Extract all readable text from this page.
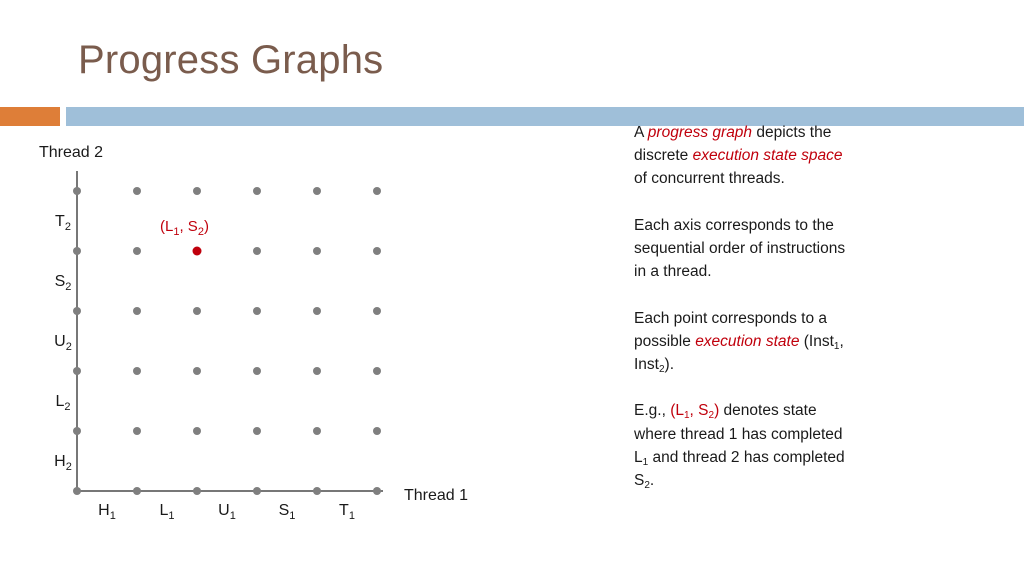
Progress Graphs
Thread 2
Thread 1
$H_1$	$L_1$	$U_1$	$S_1$	$T_1$
$H_2$
$L_2$
$U_2$
$S_2$
$T_2$	($L_1$, $S_2$)

A progress graph depicts the discrete execution state space of concurrent threads.

Each axis corresponds to the sequential order of instructions in a thread.

Each point corresponds to a possible execution state (Inst$_1$, Inst$_2$).

E.g., ($L_1$, $S_2$) denotes state where thread 1 has completed $L_1$ and thread 2 has completed $S_2$.
